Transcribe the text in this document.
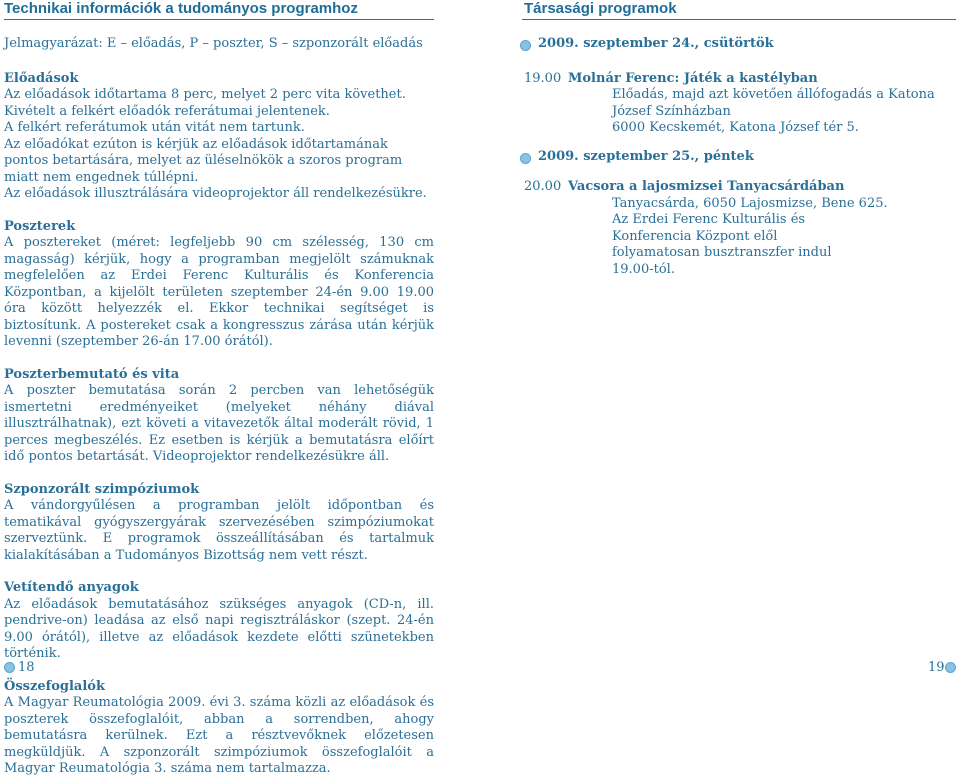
Technikai információk a tudományos programhoz	Társasági programok

Jelmagyarázat: E – előadás, P – poszter, S – szponzorált előadás

Előadások

Az előadások időtartama 8 perc, melyet 2 perc vita követhet. Kivételt a felkért előadók referátumai jelentenek.

A felkért referátumok után vitát nem tartunk.

Az előadókat ezúton is kérjük az előadások időtartamának pontos betartására, melyet az üléselnökök a szoros program miatt nem engednek túllépni.

Az előadások illusztrálására videoprojektor áll rendelkezésükre.

Poszterek

A posztereket (méret: legfeljebb 90 cm szélesség, 130 cm magasság) kérjük, hogy a programban megjelölt számuknak megfelelően az Erdei Ferenc Kulturális és Konferencia Központban, a kijelölt területen szeptember 24-én 9.00 19.00 óra között helyezzék el. Ekkor technikai segítséget is biztosítunk. A postereket csak a kongresszus zárása után kérjük levenni (szeptember 26-án 17.00 órától).

Poszterbemutató és vita

A poszter bemutatása során 2 percben van lehetőségük ismertetni eredményeiket (melyeket néhány diával illusztrálhatnak), ezt követi a vitavezetők által moderált rövid, 1 perces megbeszélés. Ez esetben is kérjük a bemutatásra előírt idő pontos betartását. Videoprojektor rendelkezésükre áll.

Szponzorált szimpóziumok

A vándorgyűlésen a programban jelölt időpontban és tematikával gyógyszergyárak szervezésében szimpóziumokat szerveztünk. E programok összeállításában és tartalmuk kialakításában a Tudományos Bizottság nem vett részt.

Vetítendő anyagok

Az előadások bemutatásához szükséges anyagok (CD-n, ill. pendrive-on) leadása az első napi regisztráláskor (szept. 24-én 9.00 órától), illetve az előadások kezdete előtti szünetekben történik.

Összefoglalók

A Magyar Reumatológia 2009. évi 3. száma közli az előadások és poszterek összefoglalóit, abban a sorrendben, ahogy bemutatásra kerülnek. Ezt a résztvevőknek előzetesen megküldjük. A szponzorált szimpóziumok összefoglalóit a Magyar Reumatológia 3. száma nem tartalmazza.

2009. szeptember 24., csütörtök

19.00 Molnár Ferenc: Játék a kastélyban

Előadás, majd azt követően állófogadás a Katona József Színházban

6000 Kecskemét, Katona József tér 5.

2009. szeptember 25., péntek

20.00 Vacsora a lajosmizsei Tanyacsárdában

Tanyacsárda, 6050 Lajosmizse, Bene 625.

Az Erdei Ferenc Kulturális és Konferencia Központ elől folyamatosan busztranszfer indul 19.00-tól.

18	19
